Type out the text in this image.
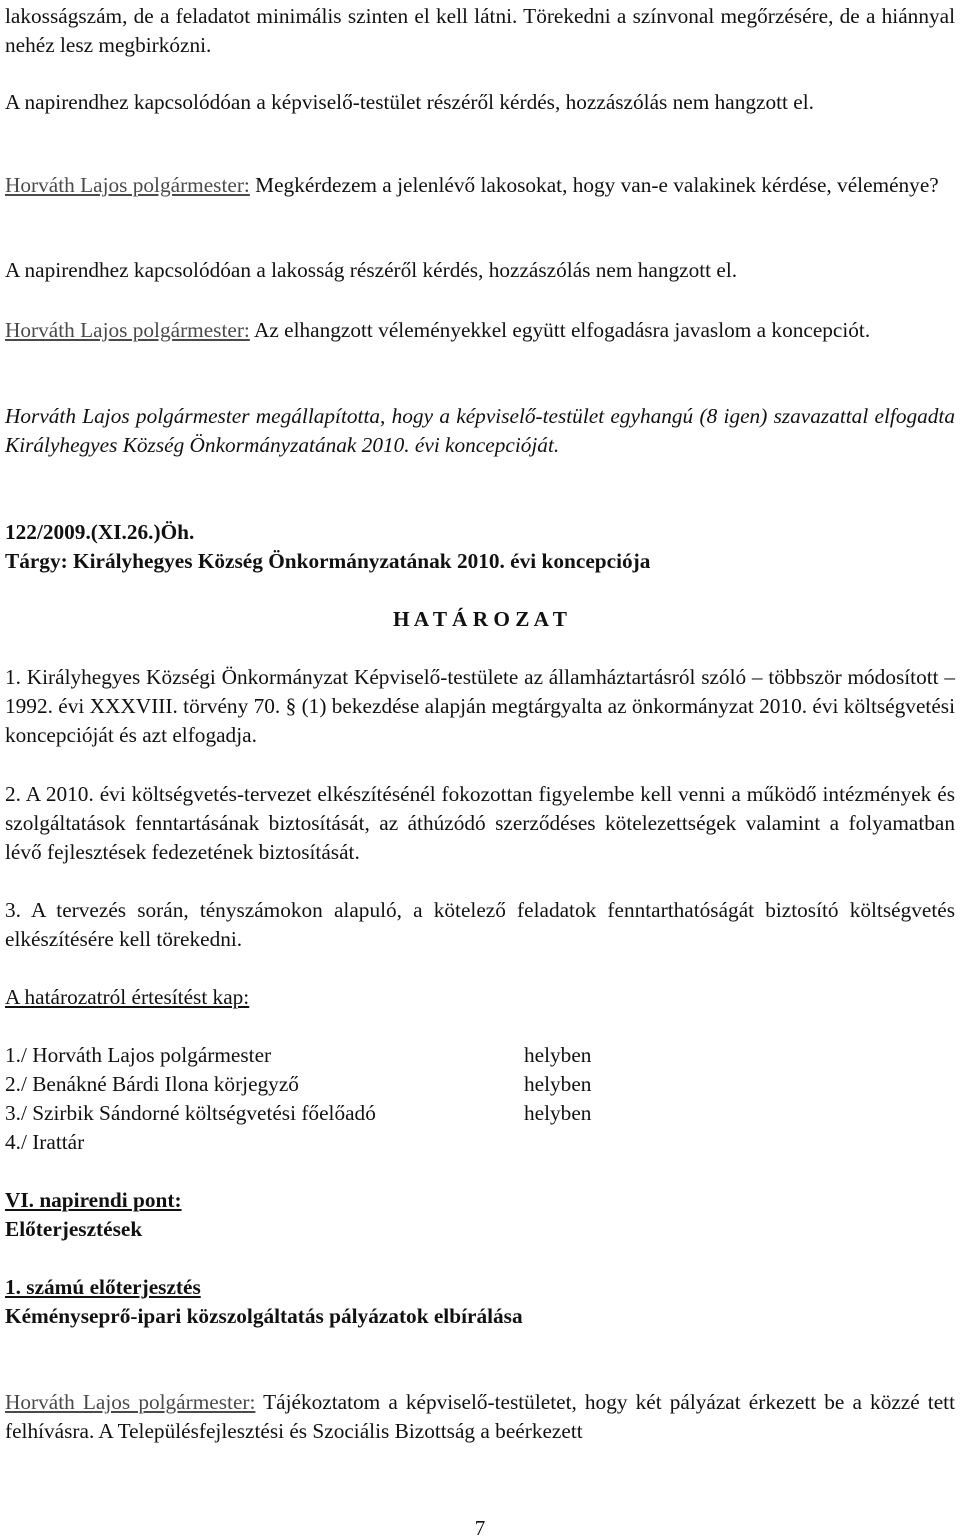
lakosságszám, de a feladatot minimális szinten el kell látni. Törekedni a színvonal megőrzésére, de a hiánnyal nehéz lesz megbirkózni.

A napirendhez kapcsolódóan a képviselő-testület részéről kérdés, hozzászólás nem hangzott el.

Horváth Lajos polgármester: Megkérdezem a jelenlévő lakosokat, hogy van-e valakinek kérdése, véleménye?

A napirendhez kapcsolódóan a lakosság részéről kérdés, hozzászólás nem hangzott el.

Horváth Lajos polgármester: Az elhangzott véleményekkel együtt elfogadásra javaslom a koncepciót.

Horváth Lajos polgármester megállapította, hogy a képviselő-testület egyhangú (8 igen) szavazattal elfogadta Királyhegyes Község Önkormányzatának 2010. évi koncepcióját.

122/2009.(XI.26.)Öh.

Tárgy: Királyhegyes Község Önkormányzatának 2010. évi koncepciója

H A T Á R O Z A T

1. Királyhegyes Községi Önkormányzat Képviselő-testülete az államháztartásról szóló – többször módosított – 1992. évi XXXVIII. törvény 70. § (1) bekezdése alapján megtárgyalta az önkormányzat 2010. évi költségvetési koncepcióját és azt elfogadja.

2. A 2010. évi költségvetés-tervezet elkészítésénél fokozottan figyelembe kell venni a működő intézmények és szolgáltatások fenntartásának biztosítását, az áthúzódó szerződéses kötelezettségek valamint a folyamatban lévő fejlesztések fedezetének biztosítását.

3. A tervezés során, tényszámokon alapuló, a kötelező feladatok fenntarthatóságát biztosító költségvetés elkészítésére kell törekedni.

A határozatról értesítést kap:

1./ Horváth Lajos polgármester	helyben
2./ Benákné Bárdi Ilona körjegyző	helyben
3./ Szirbik Sándorné költségvetési főelőadó	helyben
4./ Irattár

VI. napirendi pont:

Előterjesztések

1. számú előterjesztés

Kéményseprő-ipari közszolgáltatás pályázatok elbírálása

Horváth Lajos polgármester: Tájékoztatom a képviselő-testületet, hogy két pályázat érkezett be a közzé tett felhívásra. A Településfejlesztési és Szociális Bizottság a beérkezett

7
